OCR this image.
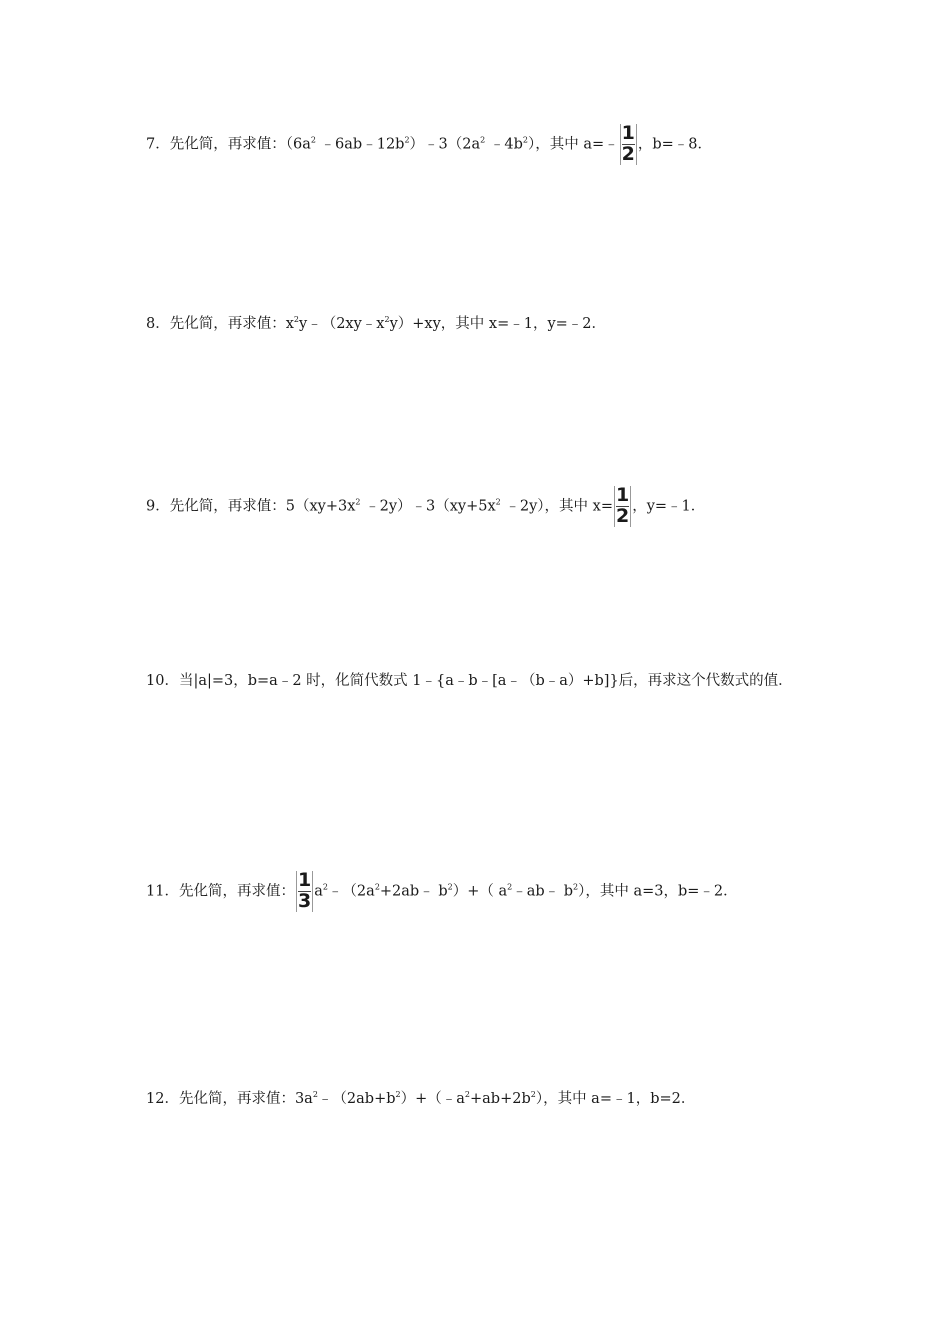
7．先化简，再求值：（$6a^2$ $﹣6ab﹣12b^2)﹣3(2a^2$ $﹣4b^2$），其中 a=﹣ $\frac{1}{2}$ ，b=﹣8．
8．先化简，再求值：$x^2y﹣(2xy﹣x^2y)+xy$，其中 x=﹣1，y=﹣2．
9．先化简，再求值：$5(xy+3x^2$ $﹣2y)﹣3(xy+5x^2$ ﹣2y），其中 $x= \frac{1}{2}$ ，y=﹣1．
10．当|a|=3，b=a﹣2 时，化简代数式 1﹣{a﹣b﹣[a﹣（b﹣a）+b]}后，再求这个代数式的值．
11．先化简，再求值： $\frac{1}{3}$ $a^2﹣(2a^2+2ab﹣$ $b^2)+$（ $a^2﹣ab﹣$ $b^2$），其中 a=3，b=﹣2．
12．先化简，再求值：$3a^2﹣(2ab+b^2)+(﹣a^2+ab+2b^2)$，其中 a=﹣1，b=2．
